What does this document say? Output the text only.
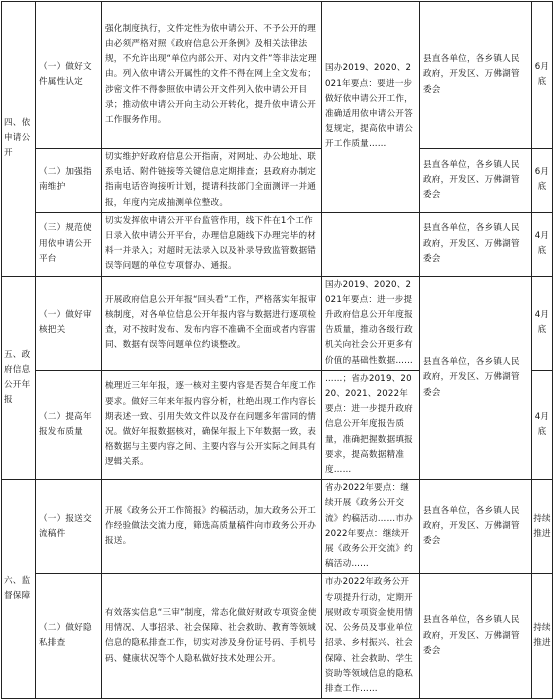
四、依申请公开	（一）做好文件属性认定	强化制度执行，文件定性为依申请公开、不予公开的理由必须严格对照《政府信息公开条例》及相关法律法规，不允许出现“单位内部公开、对内文件”等非法定理由。列入依申请公开属性的文件不得在网上全文发布；涉密文件不得参照依申请公开文件列入依申请公开目录；推动依申请公开向主动公开转化，提升依申请公开工作服务作用。	国办2019、2020、2021年要点：要进一步做好依申请公开工作，准确适用依申请公开答复规定，提高依申请公开工作质量……	县直各单位，各乡镇人民政府，开发区、万佛湖管委会	6月底
	（二）加强指南维护	切实维护好政府信息公开指南，对网址、办公地址、联系电话、附件链接等关键信息定期排查；县政府办制定指南电话咨询接听计划，提请科技部门全面测评一并通报，年度内完成抽测单位整改。		县直各单位，各乡镇人民政府，开发区、万佛湖管委会	6月底
	（三）规范使用依申请公开平台	切实发挥依申请公开平台监管作用，线下件在1个工作日录入依申请公开平台，办理信息随线下办理完毕的材料一并录入；对超时无法录入以及补录导致监管数据错误等问题的单位专项督办、通报。		县直各单位，各乡镇人民政府，开发区、万佛湖管委会	4月底
五、政府信息公开年报	（一）做好审核把关	开展政府信息公开年报“回头看”工作，严格落实年报审核制度，对各单位信息公开年报内容与数据进行逐项检查，对不按时发布、发布内容不准确不全面或者内容雷同、数据有误等问题单位约谈整改。	国办2019、2020、2021年要点：进一步提升政府信息公开年度报告质量，推动各级行政机关向社会公开更多有价值的基础性数据……	县直各单位，各乡镇人民政府，开发区、万佛湖管委会	4月底
	（二）提高年报发布质量	梳理近三年年报，逐一核对主要内容是否契合年度工作要求。做好三年来年报内容分析，杜绝出现工作内容长期表述一致、引用失效文件以及存在问题多年雷同的情况。做好年报数据核对，确保年报上下年数据一致，表格数据与主要内容之间、主要内容与公开实际之间具有逻辑关系。	……；省办2019、2020、2021、2022年要点：进一步提升政府信息公开年度报告质量，准确把握数据填报要求，提高数据精准度……		4月底
六、监督保障	（一）报送交流稿件	开展《政务公开工作简报》约稿活动，加大政务公开工作经验做法交流力度，筛选高质量稿件向市政务公开办报送。	省办2022年要点：继续开展《政务公开交流》约稿活动……市办2022年要点：继续开展《政务公开交流》约稿活动……	县直各单位，各乡镇人民政府，开发区、万佛湖管委会	持续推进
	（二）做好隐私排查	有效落实信息“三审”制度，常态化做好财政专项资金使用情况、人事招录、社会保障、社会救助、教育等领域信息的隐私排查工作，切实对涉及身份证号码、手机号码、健康状况等个人隐私做好技术处理公开。	市办2022年政务公开专项提升行动，定期开展财政专项资金使用情况、公务员及事业单位招录、乡村振兴、社会保障、社会救助、学生资助等领域信息的隐私排查工作……	县直各单位，各乡镇人民政府，开发区、万佛湖管委会	持续推进
